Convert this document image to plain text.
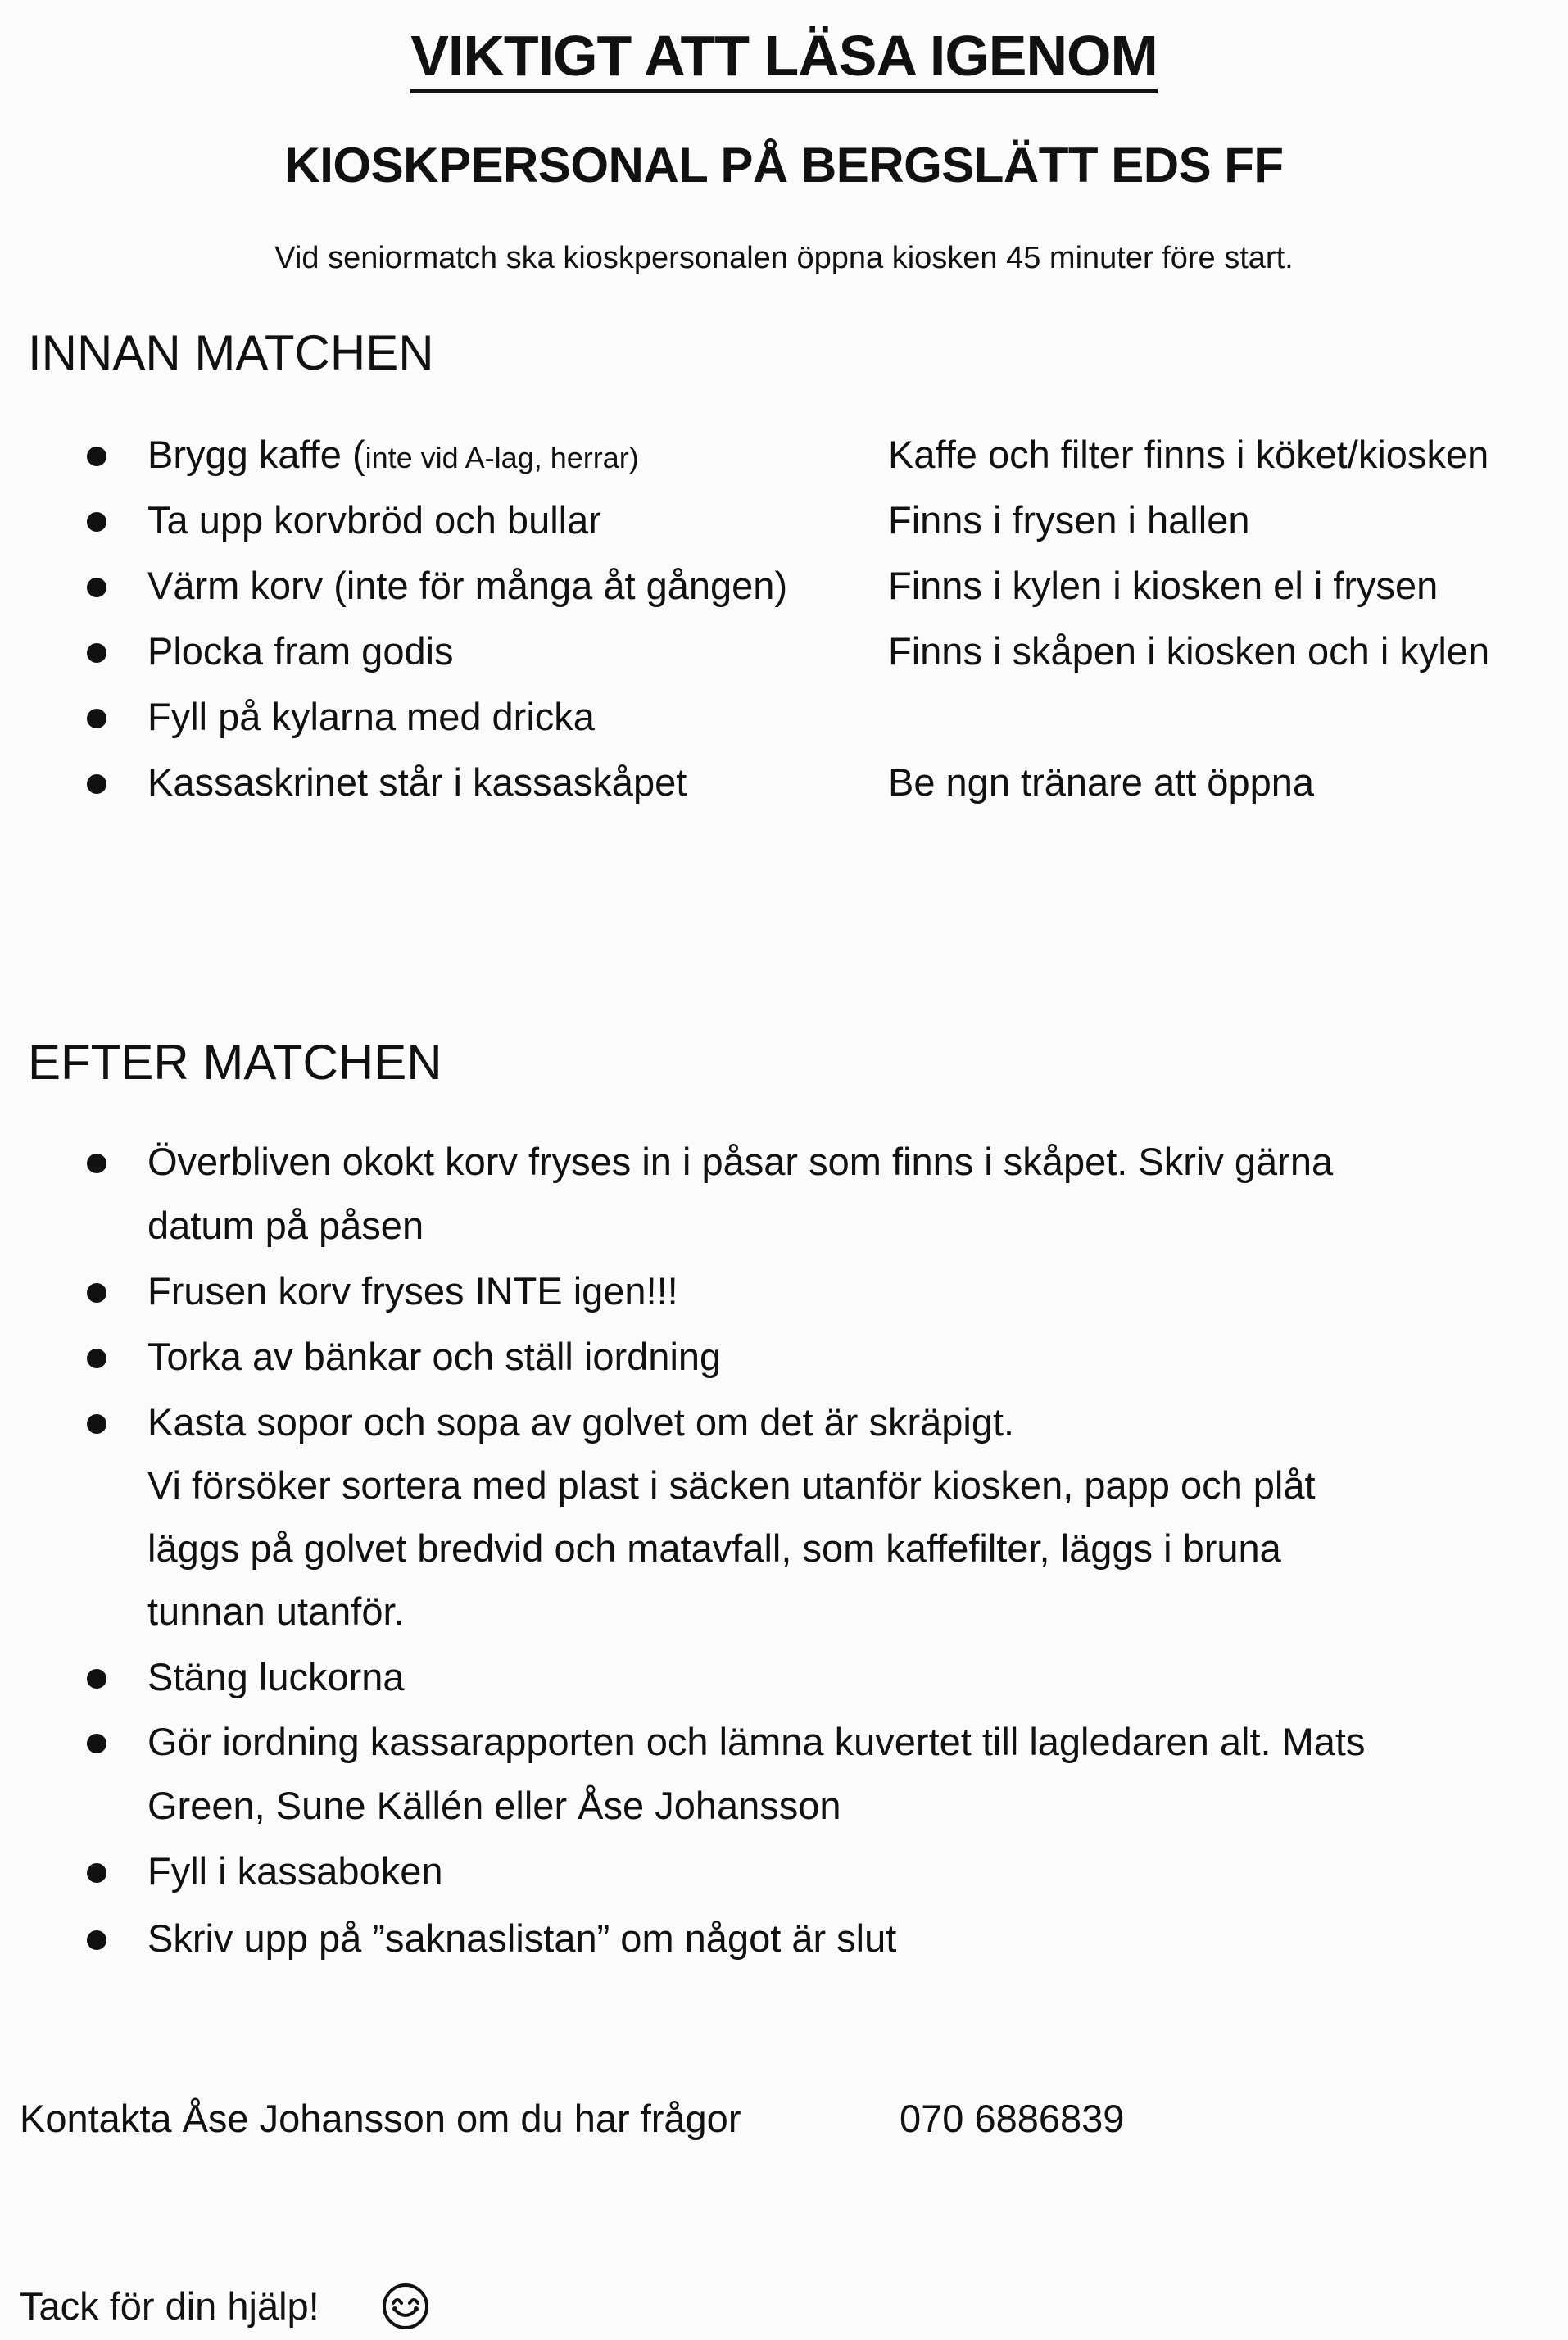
VIKTIGT ATT LÄSA IGENOM
KIOSKPERSONAL PÅ BERGSLÄTT EDS FF
Vid seniormatch ska kioskpersonalen öppna kiosken 45 minuter före start.
INNAN MATCHEN
Brygg kaffe (inte vid A-lag, herrar)	Kaffe och filter finns i köket/kiosken
Ta upp korvbröd och bullar	Finns i frysen i hallen
Värm korv (inte för många åt gången)	Finns i kylen i kiosken el i frysen
Plocka fram godis	Finns i skåpen i kiosken och i kylen
Fyll på kylarna med dricka
Kassaskrinet står i kassaskåpet	Be ngn tränare att öppna
EFTER MATCHEN
Överbliven okokt korv fryses in i påsar som finns i skåpet. Skriv gärna
datum på påsen
Frusen korv fryses INTE igen!!!
Torka av bänkar och ställ iordning
Kasta sopor och sopa av golvet om det är skräpigt.
Vi försöker sortera med plast i säcken utanför kiosken, papp och plåt
läggs på golvet bredvid och matavfall, som kaffefilter, läggs i bruna
tunnan utanför.
Stäng luckorna
Gör iordning kassarapporten och lämna kuvertet till lagledaren alt. Mats
Green, Sune Källén eller Åse Johansson
Fyll i kassaboken
Skriv upp på ”saknaslistan” om något är slut
Kontakta Åse Johansson om du har frågor	070 6886839
Tack för din hjälp!
